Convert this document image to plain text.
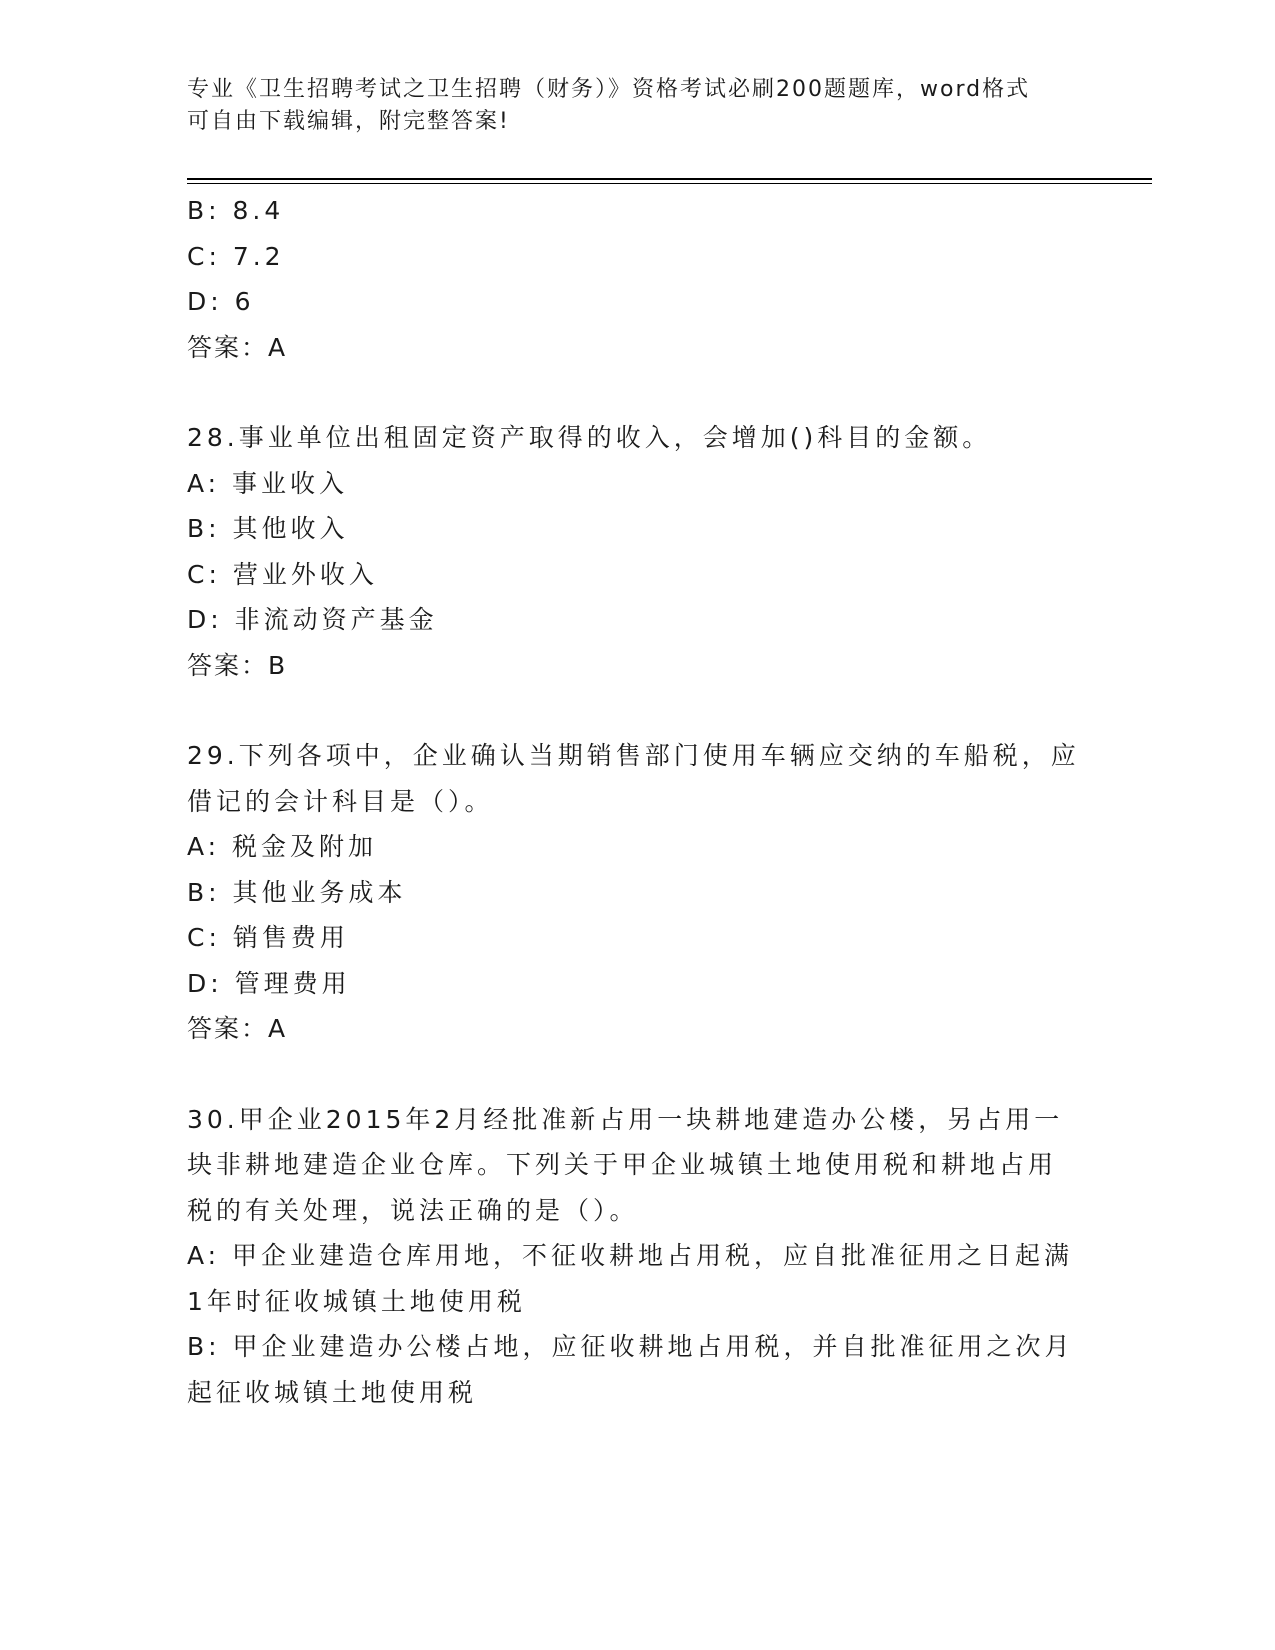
专业《卫生招聘考试之卫生招聘（财务）》资格考试必刷200题题库，word格式
可自由下载编辑，附完整答案!
B: 8.4
C: 7.2
D: 6
答案：A
28.事业单位出租固定资产取得的收入，会增加()科目的金额。
A: 事业收入
B: 其他收入
C: 营业外收入
D: 非流动资产基金
答案：B
29.下列各项中，企业确认当期销售部门使用车辆应交纳的车船税，应
借记的会计科目是（）。
A: 税金及附加
B: 其他业务成本
C: 销售费用
D: 管理费用
答案：A
30.甲企业2015年2月经批准新占用一块耕地建造办公楼，另占用一
块非耕地建造企业仓库。下列关于甲企业城镇土地使用税和耕地占用
税的有关处理，说法正确的是（）。
A: 甲企业建造仓库用地，不征收耕地占用税，应自批准征用之日起满
1年时征收城镇土地使用税
B: 甲企业建造办公楼占地，应征收耕地占用税，并自批准征用之次月
起征收城镇土地使用税
